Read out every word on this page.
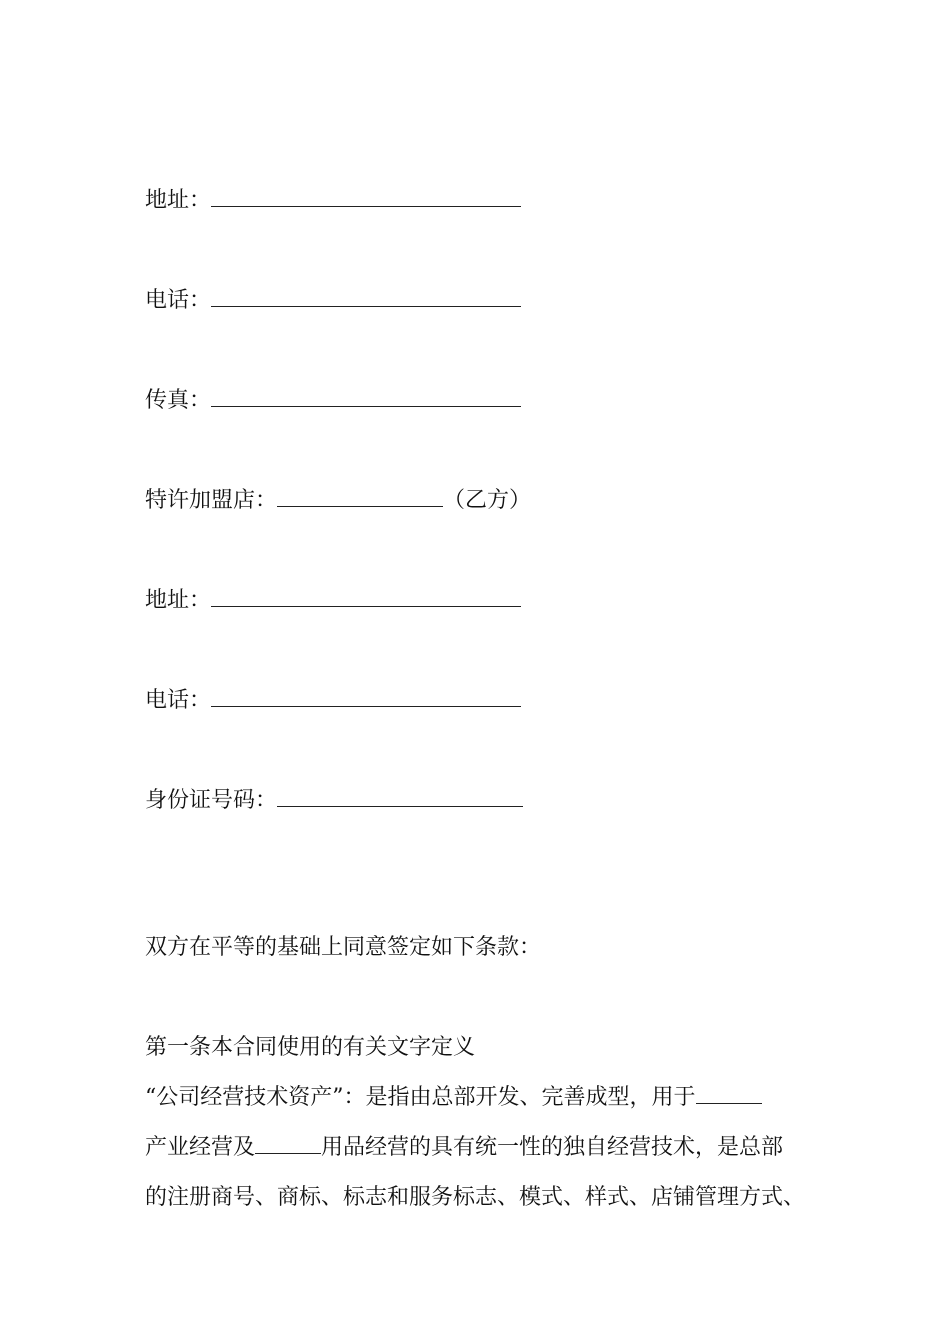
地址：
电话：
传真：
特许加盟店：	（乙方）
地址：
电话：
身份证号码：
双方在平等的基础上同意签定如下条款：
第一条本合同使用的有关文字定义
“公司经营技术资产”：是指由总部开发、完善成型，用于
产业经营及	用品经营的具有统一性的独自经营技术，是总部
的注册商号、商标、标志和服务标志、模式、样式、店铺管理方式、
